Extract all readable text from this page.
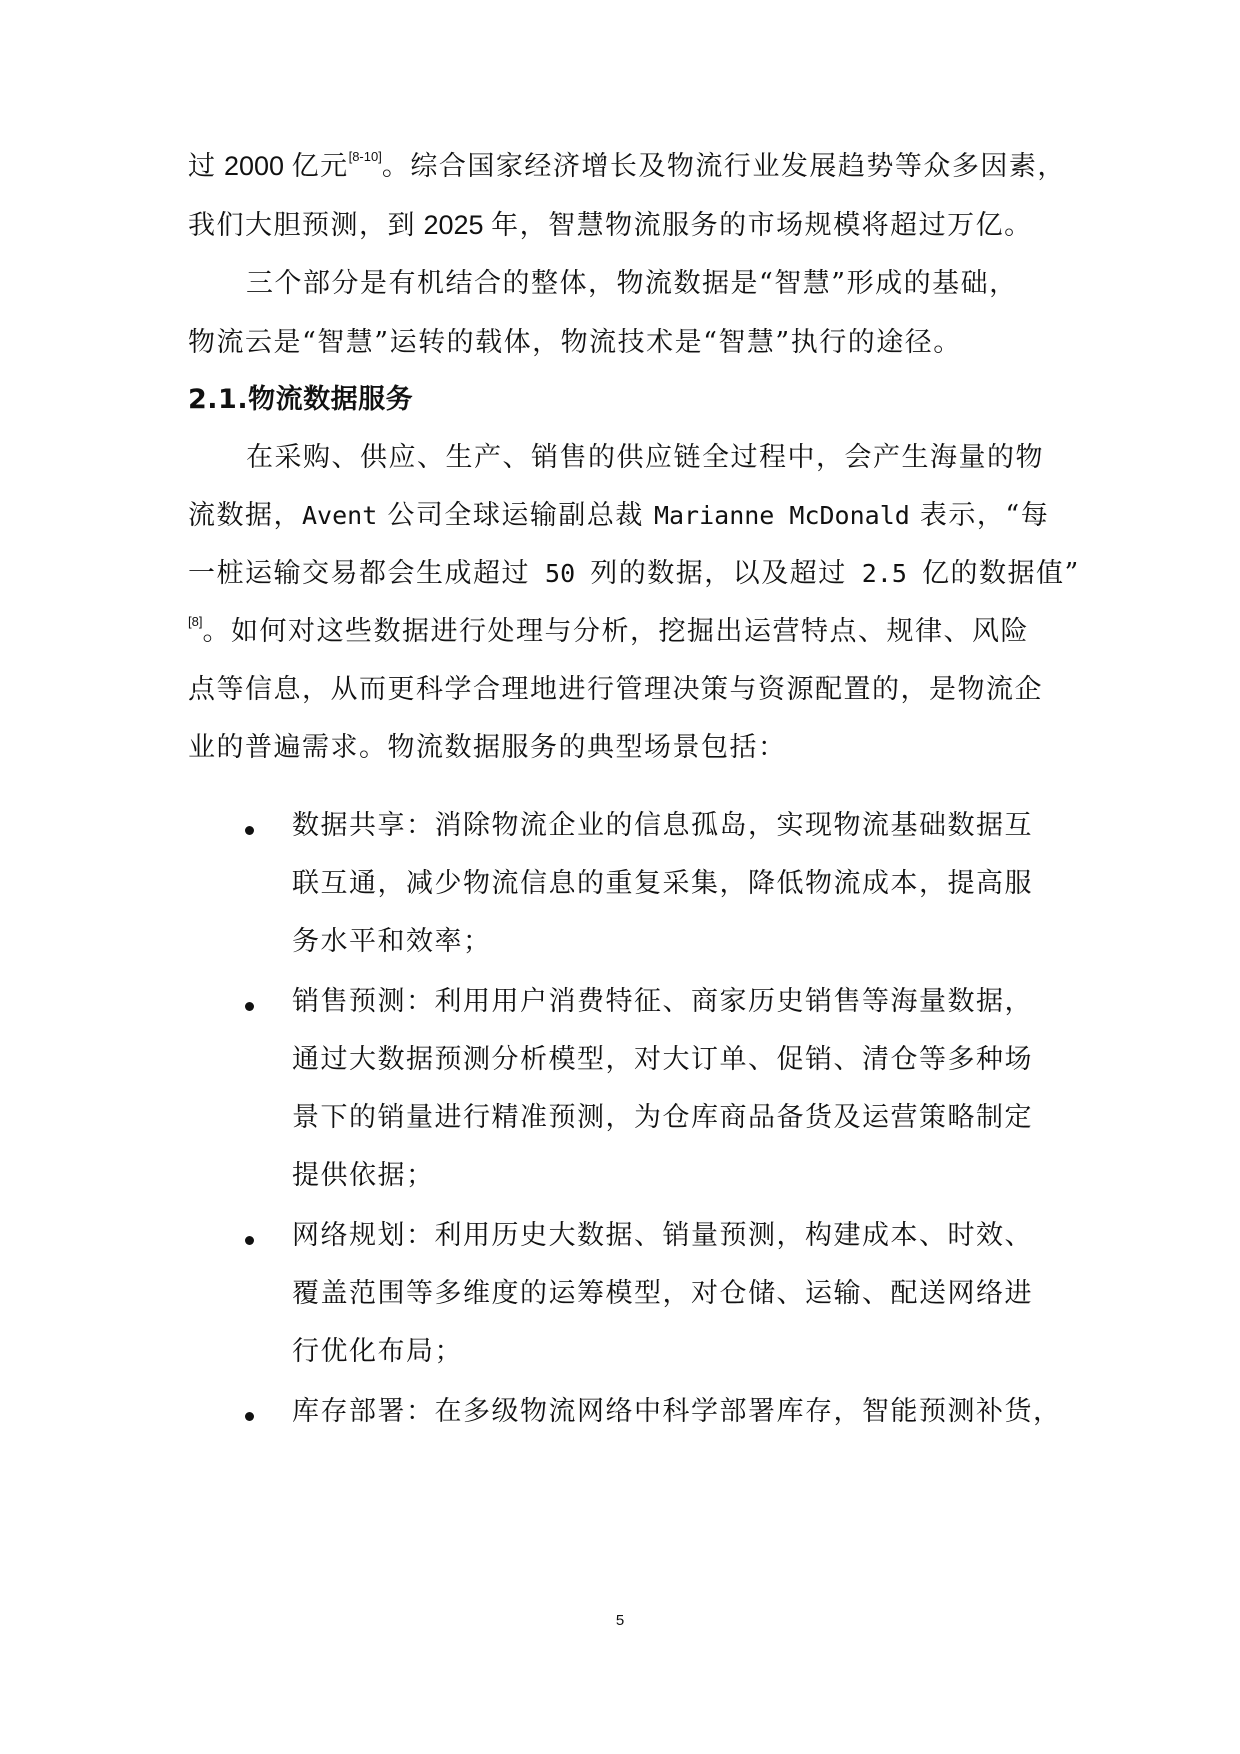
过 2000 亿元[8-10]。综合国家经济增长及物流行业发展趋势等众多因素，
我们大胆预测，到 2025 年，智慧物流服务的市场规模将超过万亿。
三个部分是有机结合的整体，物流数据是“智慧”形成的基础，
物流云是“智慧”运转的载体，物流技术是“智慧”执行的途径。
2.1.物流数据服务
在采购、供应、生产、销售的供应链全过程中，会产生海量的物
流数据，Avent 公司全球运输副总裁 Marianne McDonald 表示，“每
一桩运输交易都会生成超过 50 列的数据，以及超过 2.5 亿的数据值”
[8]。如何对这些数据进行处理与分析，挖掘出运营特点、规律、风险
点等信息，从而更科学合理地进行管理决策与资源配置的，是物流企
业的普遍需求。物流数据服务的典型场景包括：
数据共享：消除物流企业的信息孤岛，实现物流基础数据互
联互通，减少物流信息的重复采集，降低物流成本，提高服
务水平和效率；
销售预测：利用用户消费特征、商家历史销售等海量数据，
通过大数据预测分析模型，对大订单、促销、清仓等多种场
景下的销量进行精准预测，为仓库商品备货及运营策略制定
提供依据；
网络规划：利用历史大数据、销量预测，构建成本、时效、
覆盖范围等多维度的运筹模型，对仓储、运输、配送网络进
行优化布局；
库存部署：在多级物流网络中科学部署库存，智能预测补货，
5
